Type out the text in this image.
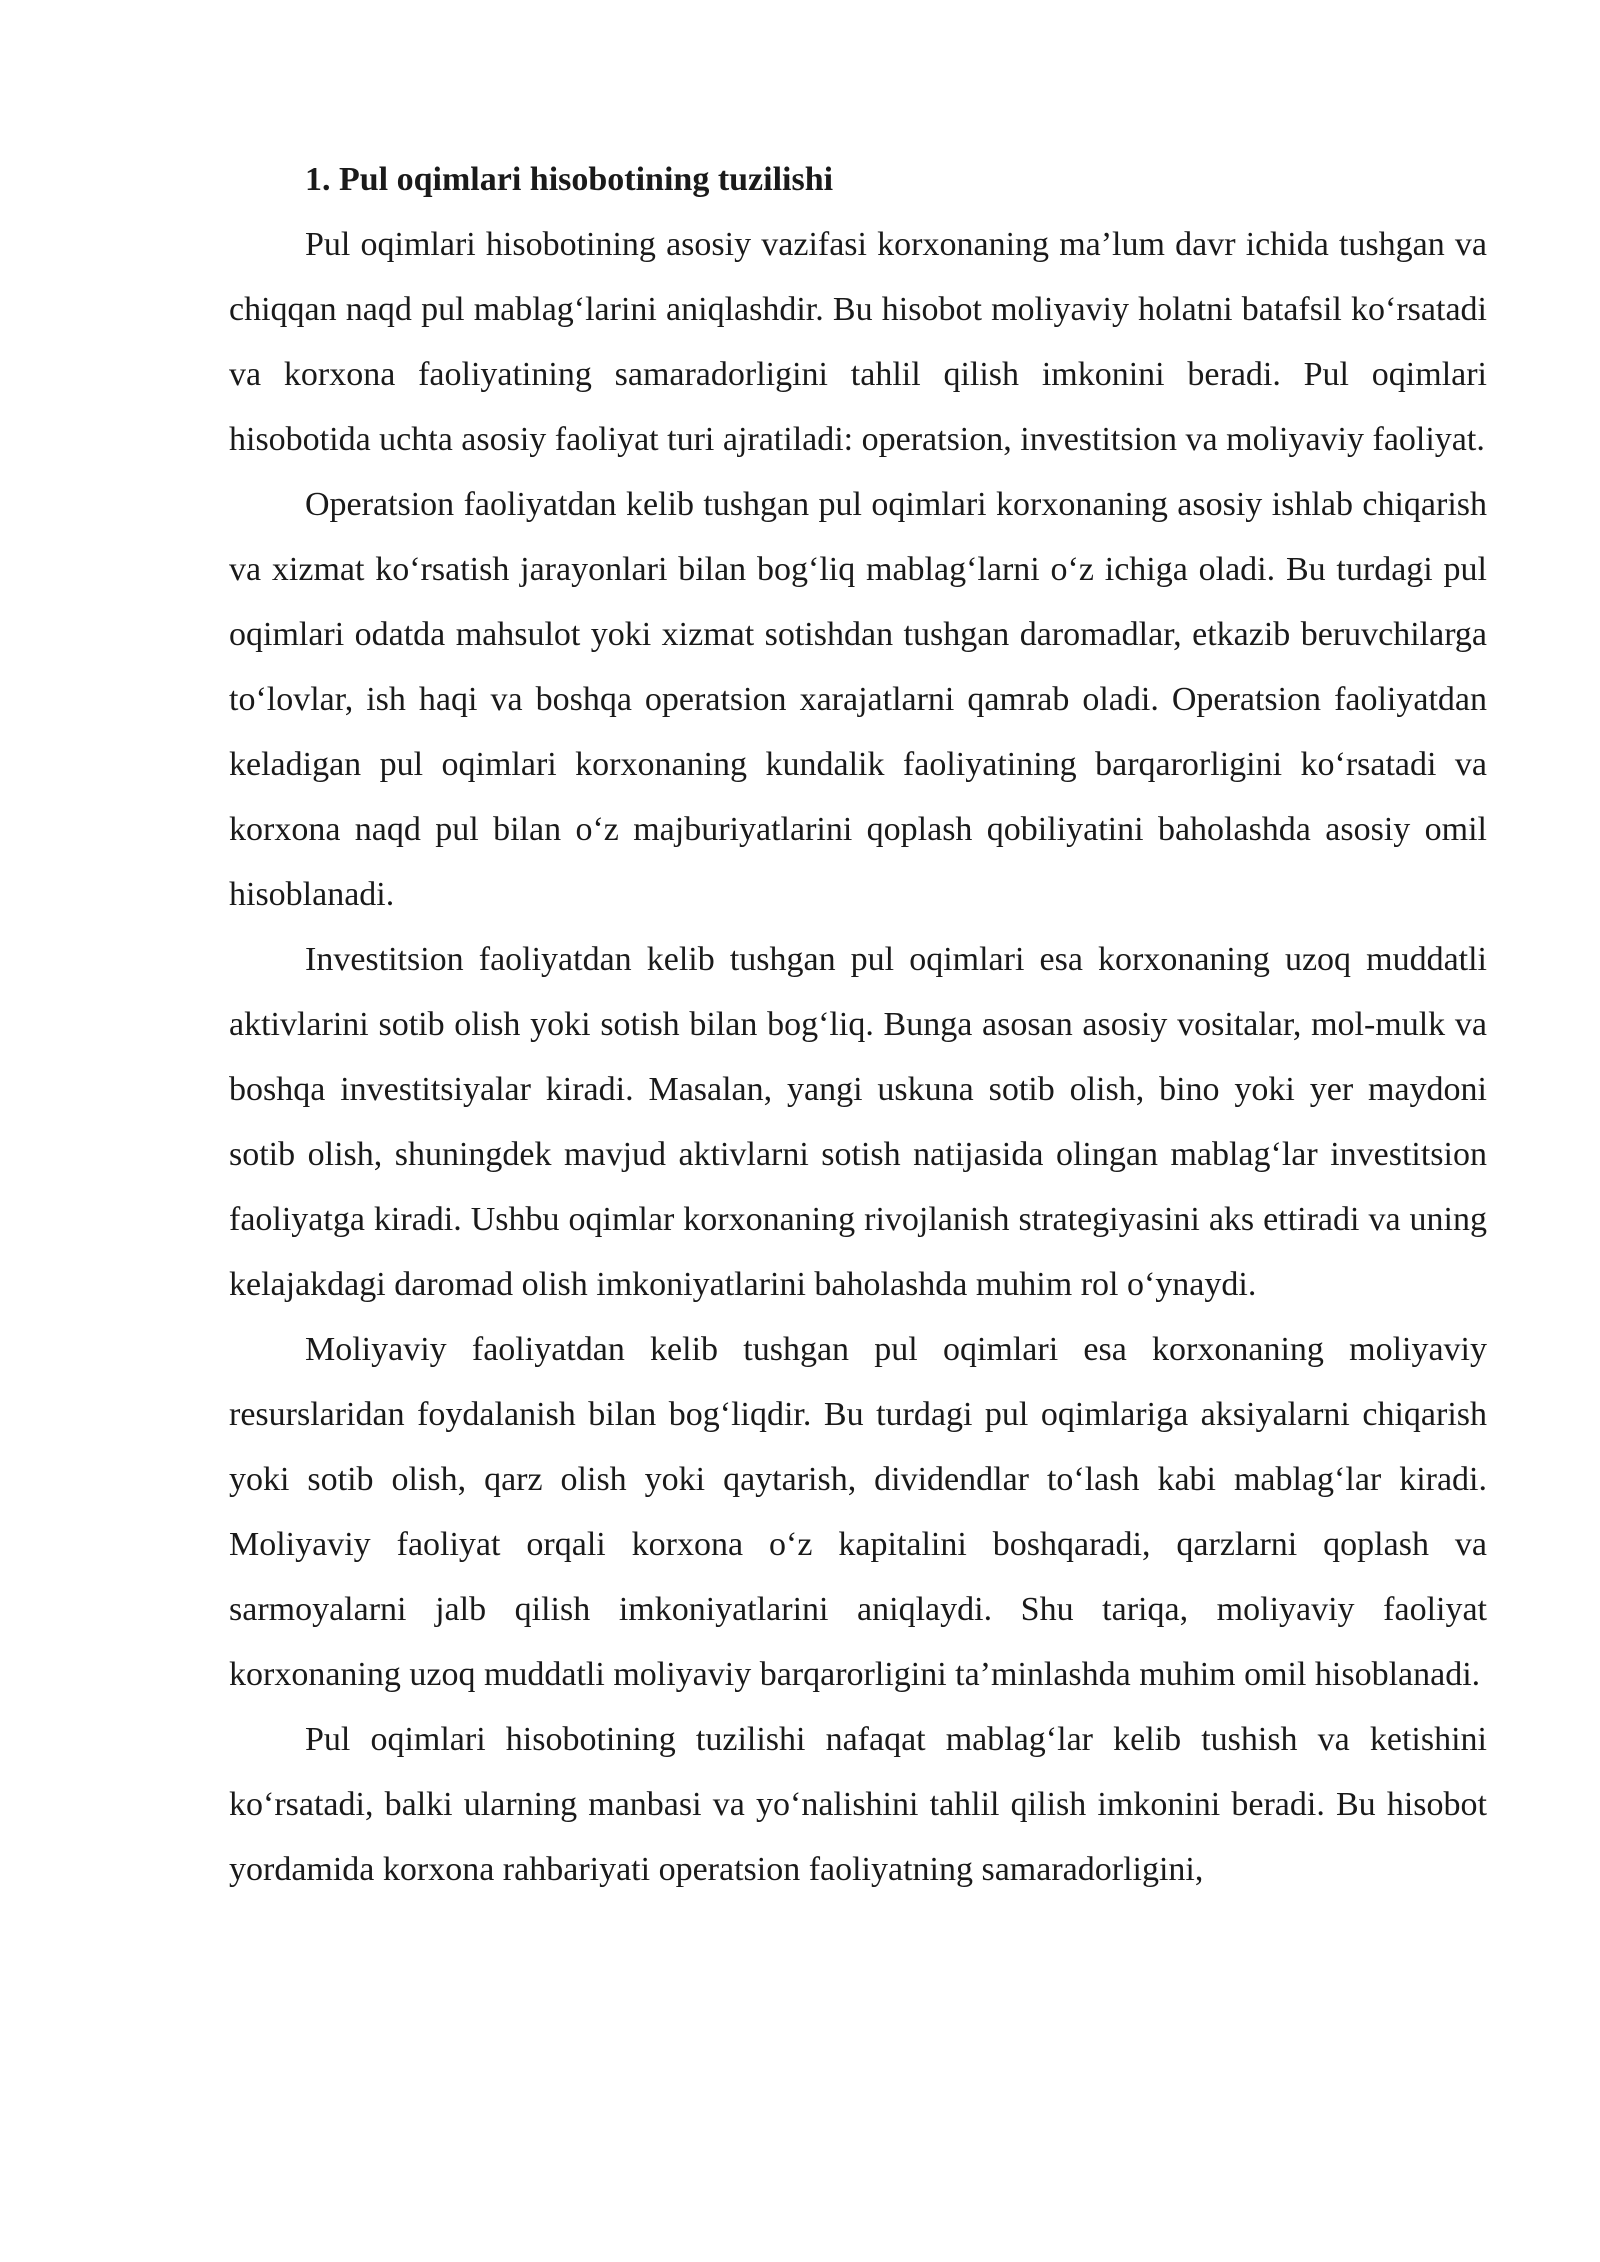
1. Pul oqimlari hisobotining tuzilishi

Pul oqimlari hisobotining asosiy vazifasi korxonaning ma’lum davr ichida tushgan va chiqqan naqd pul mablag‘larini aniqlashdir. Bu hisobot moliyaviy holatni batafsil ko‘rsatadi va korxona faoliyatining samaradorligini tahlil qilish imkonini beradi. Pul oqimlari hisobotida uchta asosiy faoliyat turi ajratiladi: operatsion, investitsion va moliyaviy faoliyat.

Operatsion faoliyatdan kelib tushgan pul oqimlari korxonaning asosiy ishlab chiqarish va xizmat ko‘rsatish jarayonlari bilan bog‘liq mablag‘larni o‘z ichiga oladi. Bu turdagi pul oqimlari odatda mahsulot yoki xizmat sotishdan tushgan daromadlar, etkazib beruvchilarga to‘lovlar, ish haqi va boshqa operatsion xarajatlarni qamrab oladi. Operatsion faoliyatdan keladigan pul oqimlari korxonaning kundalik faoliyatining barqarorligini ko‘rsatadi va korxona naqd pul bilan o‘z majburiyatlarini qoplash qobiliyatini baholashda asosiy omil hisoblanadi.

Investitsion faoliyatdan kelib tushgan pul oqimlari esa korxonaning uzoq muddatli aktivlarini sotib olish yoki sotish bilan bog‘liq. Bunga asosan asosiy vositalar, mol-mulk va boshqa investitsiyalar kiradi. Masalan, yangi uskuna sotib olish, bino yoki yer maydoni sotib olish, shuningdek mavjud aktivlarni sotish natijasida olingan mablag‘lar investitsion faoliyatga kiradi. Ushbu oqimlar korxonaning rivojlanish strategiyasini aks ettiradi va uning kelajakdagi daromad olish imkoniyatlarini baholashda muhim rol o‘ynaydi.

Moliyaviy faoliyatdan kelib tushgan pul oqimlari esa korxonaning moliyaviy resurslaridan foydalanish bilan bog‘liqdir. Bu turdagi pul oqimlariga aksiyalarni chiqarish yoki sotib olish, qarz olish yoki qaytarish, dividendlar to‘lash kabi mablag‘lar kiradi. Moliyaviy faoliyat orqali korxona o‘z kapitalini boshqaradi, qarzlarni qoplash va sarmoyalarni jalb qilish imkoniyatlarini aniqlaydi. Shu tariqa, moliyaviy faoliyat korxonaning uzoq muddatli moliyaviy barqarorligini ta’minlashda muhim omil hisoblanadi.

Pul oqimlari hisobotining tuzilishi nafaqat mablag‘lar kelib tushish va ketishini ko‘rsatadi, balki ularning manbasi va yo‘nalishini tahlil qilish imkonini beradi. Bu hisobot yordamida korxona rahbariyati operatsion faoliyatning samaradorligini,
